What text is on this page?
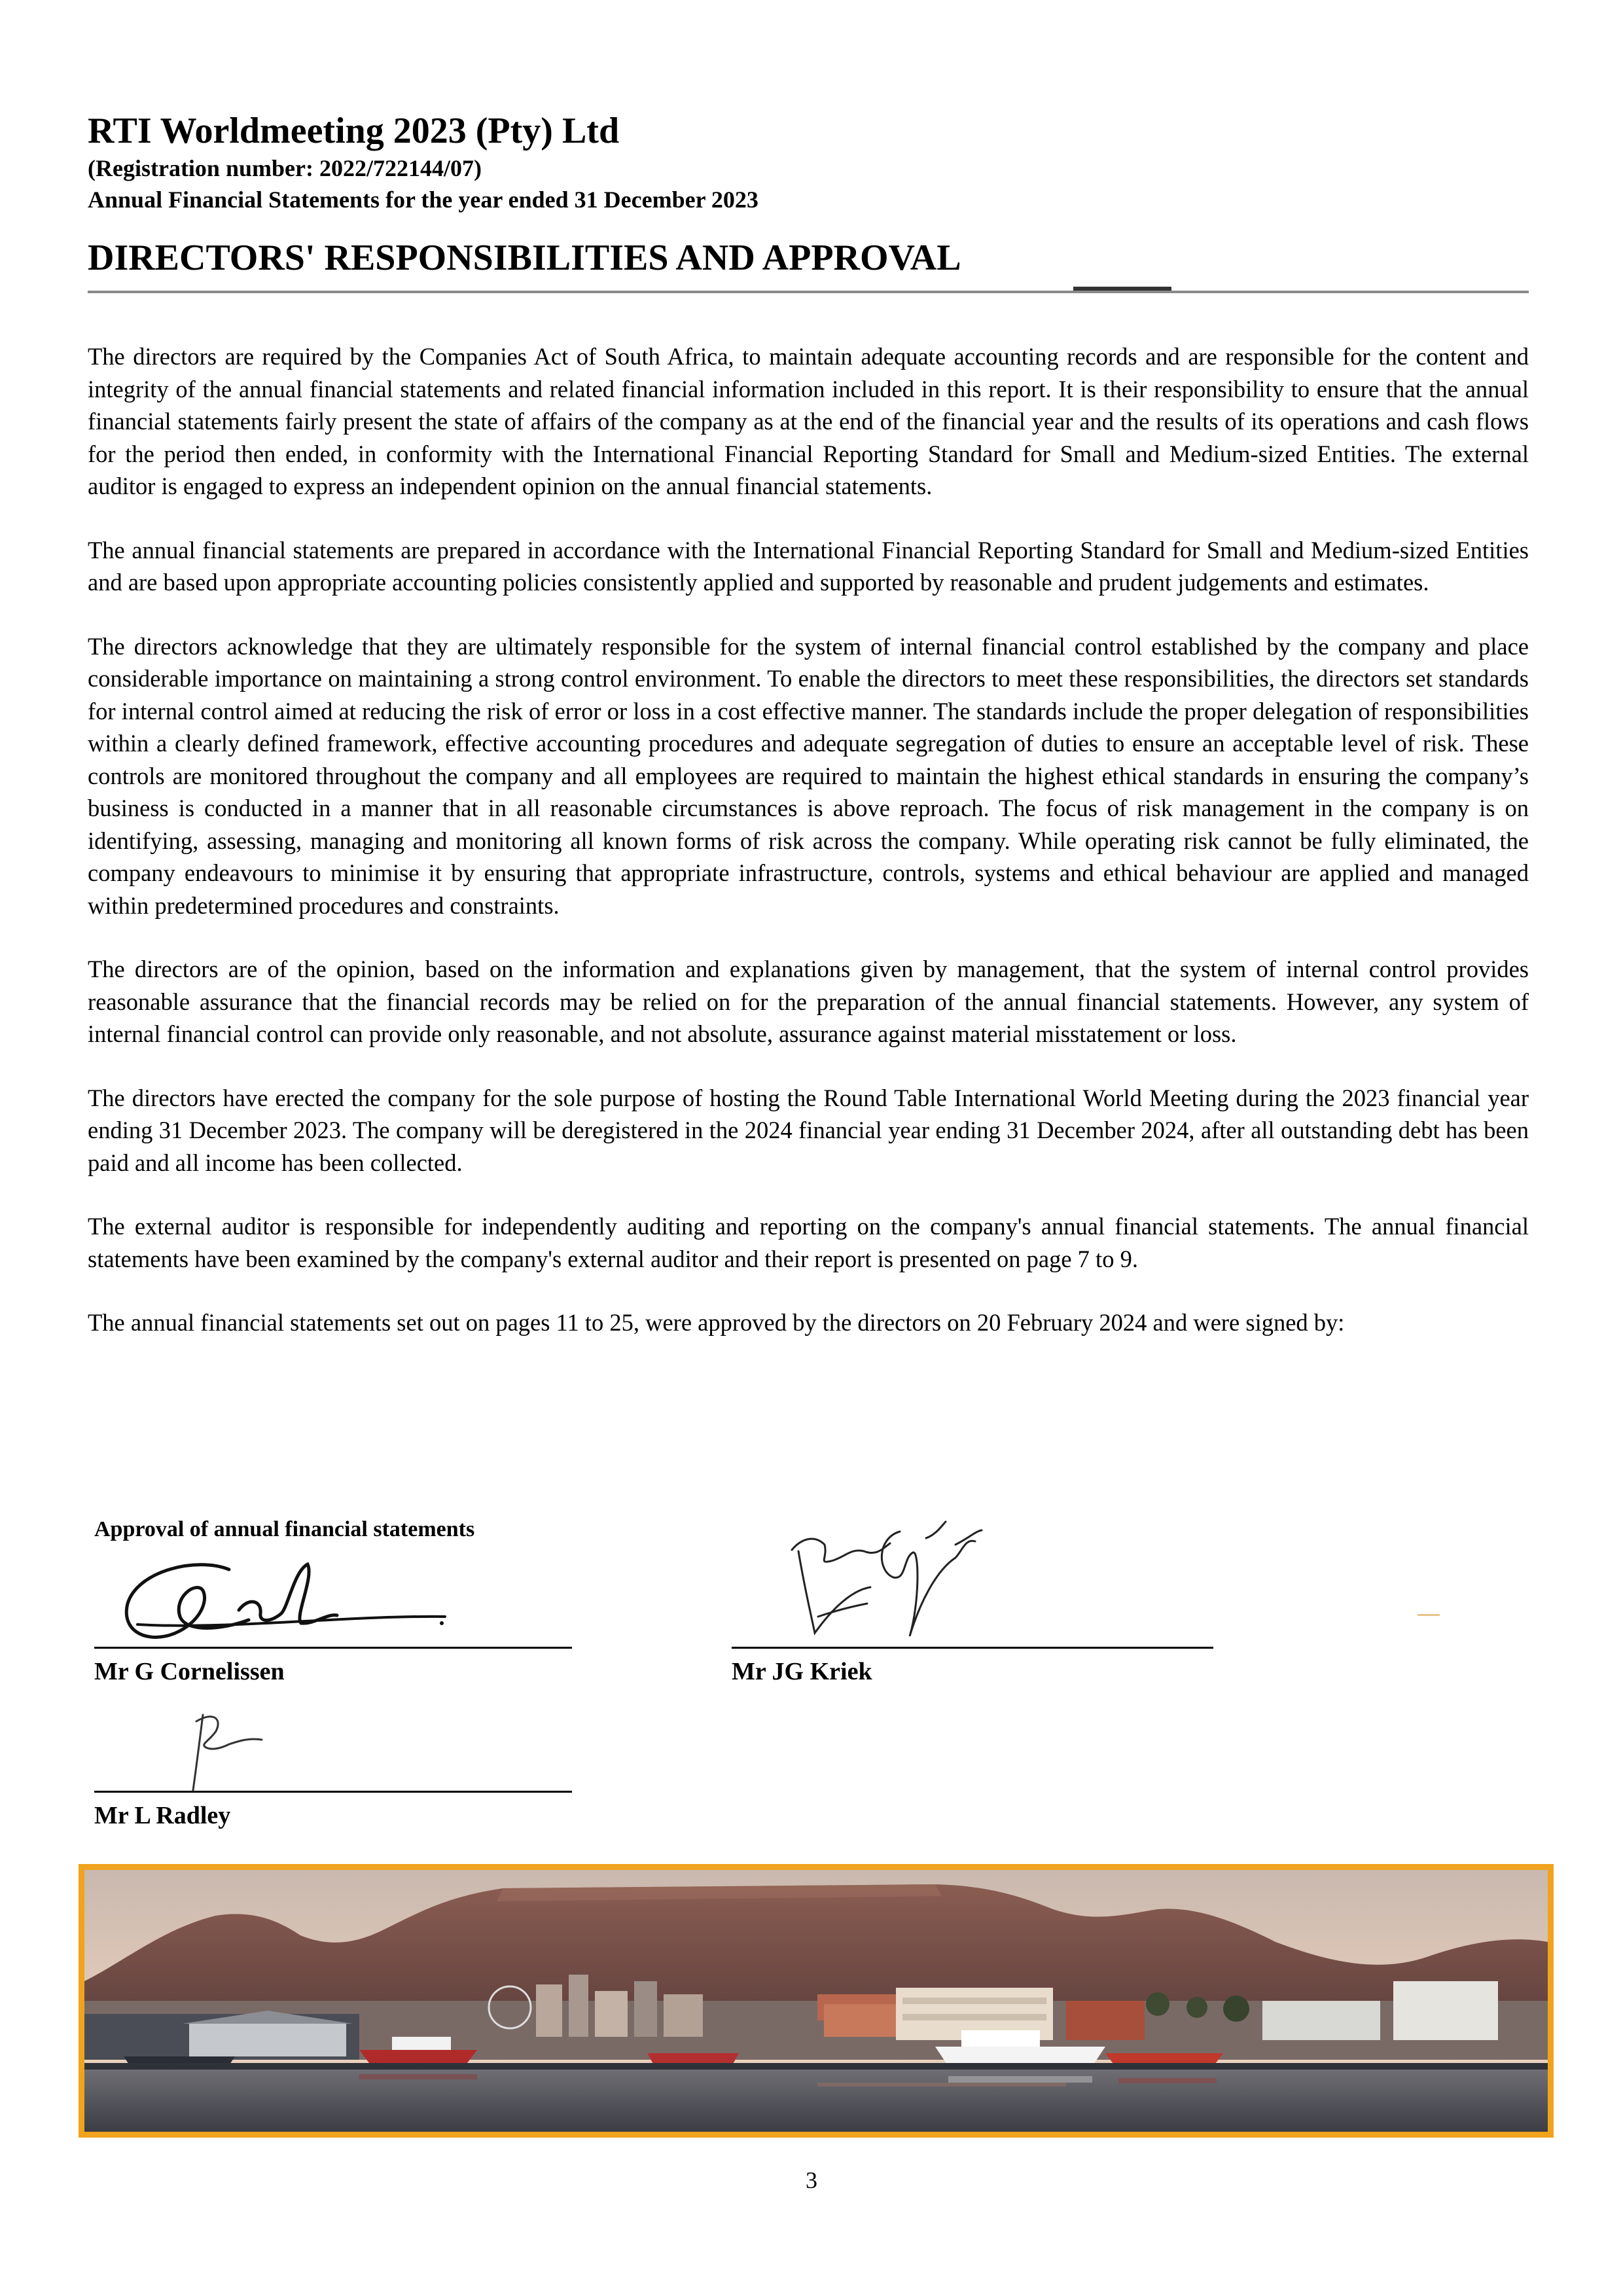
RTI Worldmeeting 2023 (Pty) Ltd
(Registration number: 2022/722144/07)
Annual Financial Statements for the year ended 31 December 2023
DIRECTORS' RESPONSIBILITIES AND APPROVAL

The directors are required by the Companies Act of South Africa, to maintain adequate accounting records and are responsible for the content and integrity of the annual financial statements and related financial information included in this report. It is their responsibility to ensure that the annual financial statements fairly present the state of affairs of the company as at the end of the financial year and the results of its operations and cash flows for the period then ended, in conformity with the International Financial Reporting Standard for Small and Medium-sized Entities. The external auditor is engaged to express an independent opinion on the annual financial statements.

The annual financial statements are prepared in accordance with the International Financial Reporting Standard for Small and Medium-sized Entities and are based upon appropriate accounting policies consistently applied and supported by reasonable and prudent judgements and estimates.

The directors acknowledge that they are ultimately responsible for the system of internal financial control established by the company and place considerable importance on maintaining a strong control environment. To enable the directors to meet these responsibilities, the directors set standards for internal control aimed at reducing the risk of error or loss in a cost effective manner. The standards include the proper delegation of responsibilities within a clearly defined framework, effective accounting procedures and adequate segregation of duties to ensure an acceptable level of risk. These controls are monitored throughout the company and all employees are required to maintain the highest ethical standards in ensuring the company’s business is conducted in a manner that in all reasonable circumstances is above reproach. The focus of risk management in the company is on identifying, assessing, managing and monitoring all known forms of risk across the company. While operating risk cannot be fully eliminated, the company endeavours to minimise it by ensuring that appropriate infrastructure, controls, systems and ethical behaviour are applied and managed within predetermined procedures and constraints.

The directors are of the opinion, based on the information and explanations given by management, that the system of internal control provides reasonable assurance that the financial records may be relied on for the preparation of the annual financial statements. However, any system of internal financial control can provide only reasonable, and not absolute, assurance against material misstatement or loss.

The directors have erected the company for the sole purpose of hosting the Round Table International World Meeting during the 2023 financial year ending 31 December 2023. The company will be deregistered in the 2024 financial year ending 31 December 2024, after all outstanding debt has been paid and all income has been collected.

The external auditor is responsible for independently auditing and reporting on the company's annual financial statements. The annual financial statements have been examined by the company's external auditor and their report is presented on page 7 to 9.

The annual financial statements set out on pages 11 to 25, were approved by the directors on 20 February 2024 and were signed by:

Approval of annual financial statements
Mr G Cornelissen	Mr JG Kriek
Mr L Radley
3
